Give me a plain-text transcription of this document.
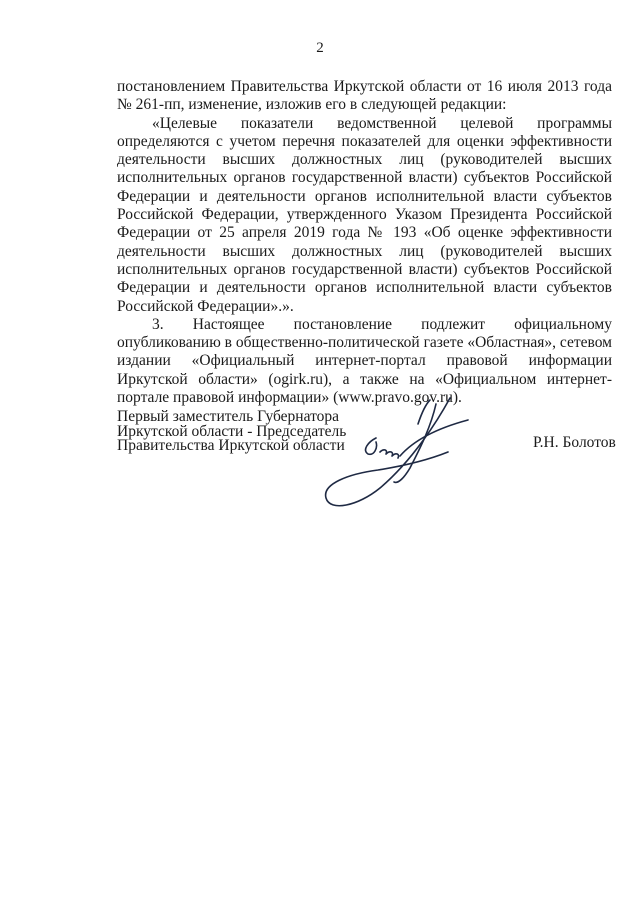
2

постановлением Правительства Иркутской области от 16 июля 2013 года № 261-пп, изменение, изложив его в следующей редакции:

«Целевые показатели ведомственной целевой программы определяются с учетом перечня показателей для оценки эффективности деятельности высших должностных лиц (руководителей высших исполнительных органов государственной власти) субъектов Российской Федерации и деятельности органов исполнительной власти субъектов Российской Федерации, утвержденного Указом Президента Российской Федерации от 25 апреля 2019 года № 193 «Об оценке эффективности деятельности высших должностных лиц (руководителей высших исполнительных органов государственной власти) субъектов Российской Федерации и деятельности органов исполнительной власти субъектов Российской Федерации».».

3. Настоящее постановление подлежит официальному опубликованию в общественно-политической газете «Областная», сетевом издании «Официальный интернет-портал правовой информации Иркутской области» (ogirk.ru), а также на «Официальном интернет-портале правовой информации» (www.pravo.gov.ru).

Первый заместитель Губернатора
Иркутской области - Председатель
Правительства Иркутской области	Р.Н. Болотов
